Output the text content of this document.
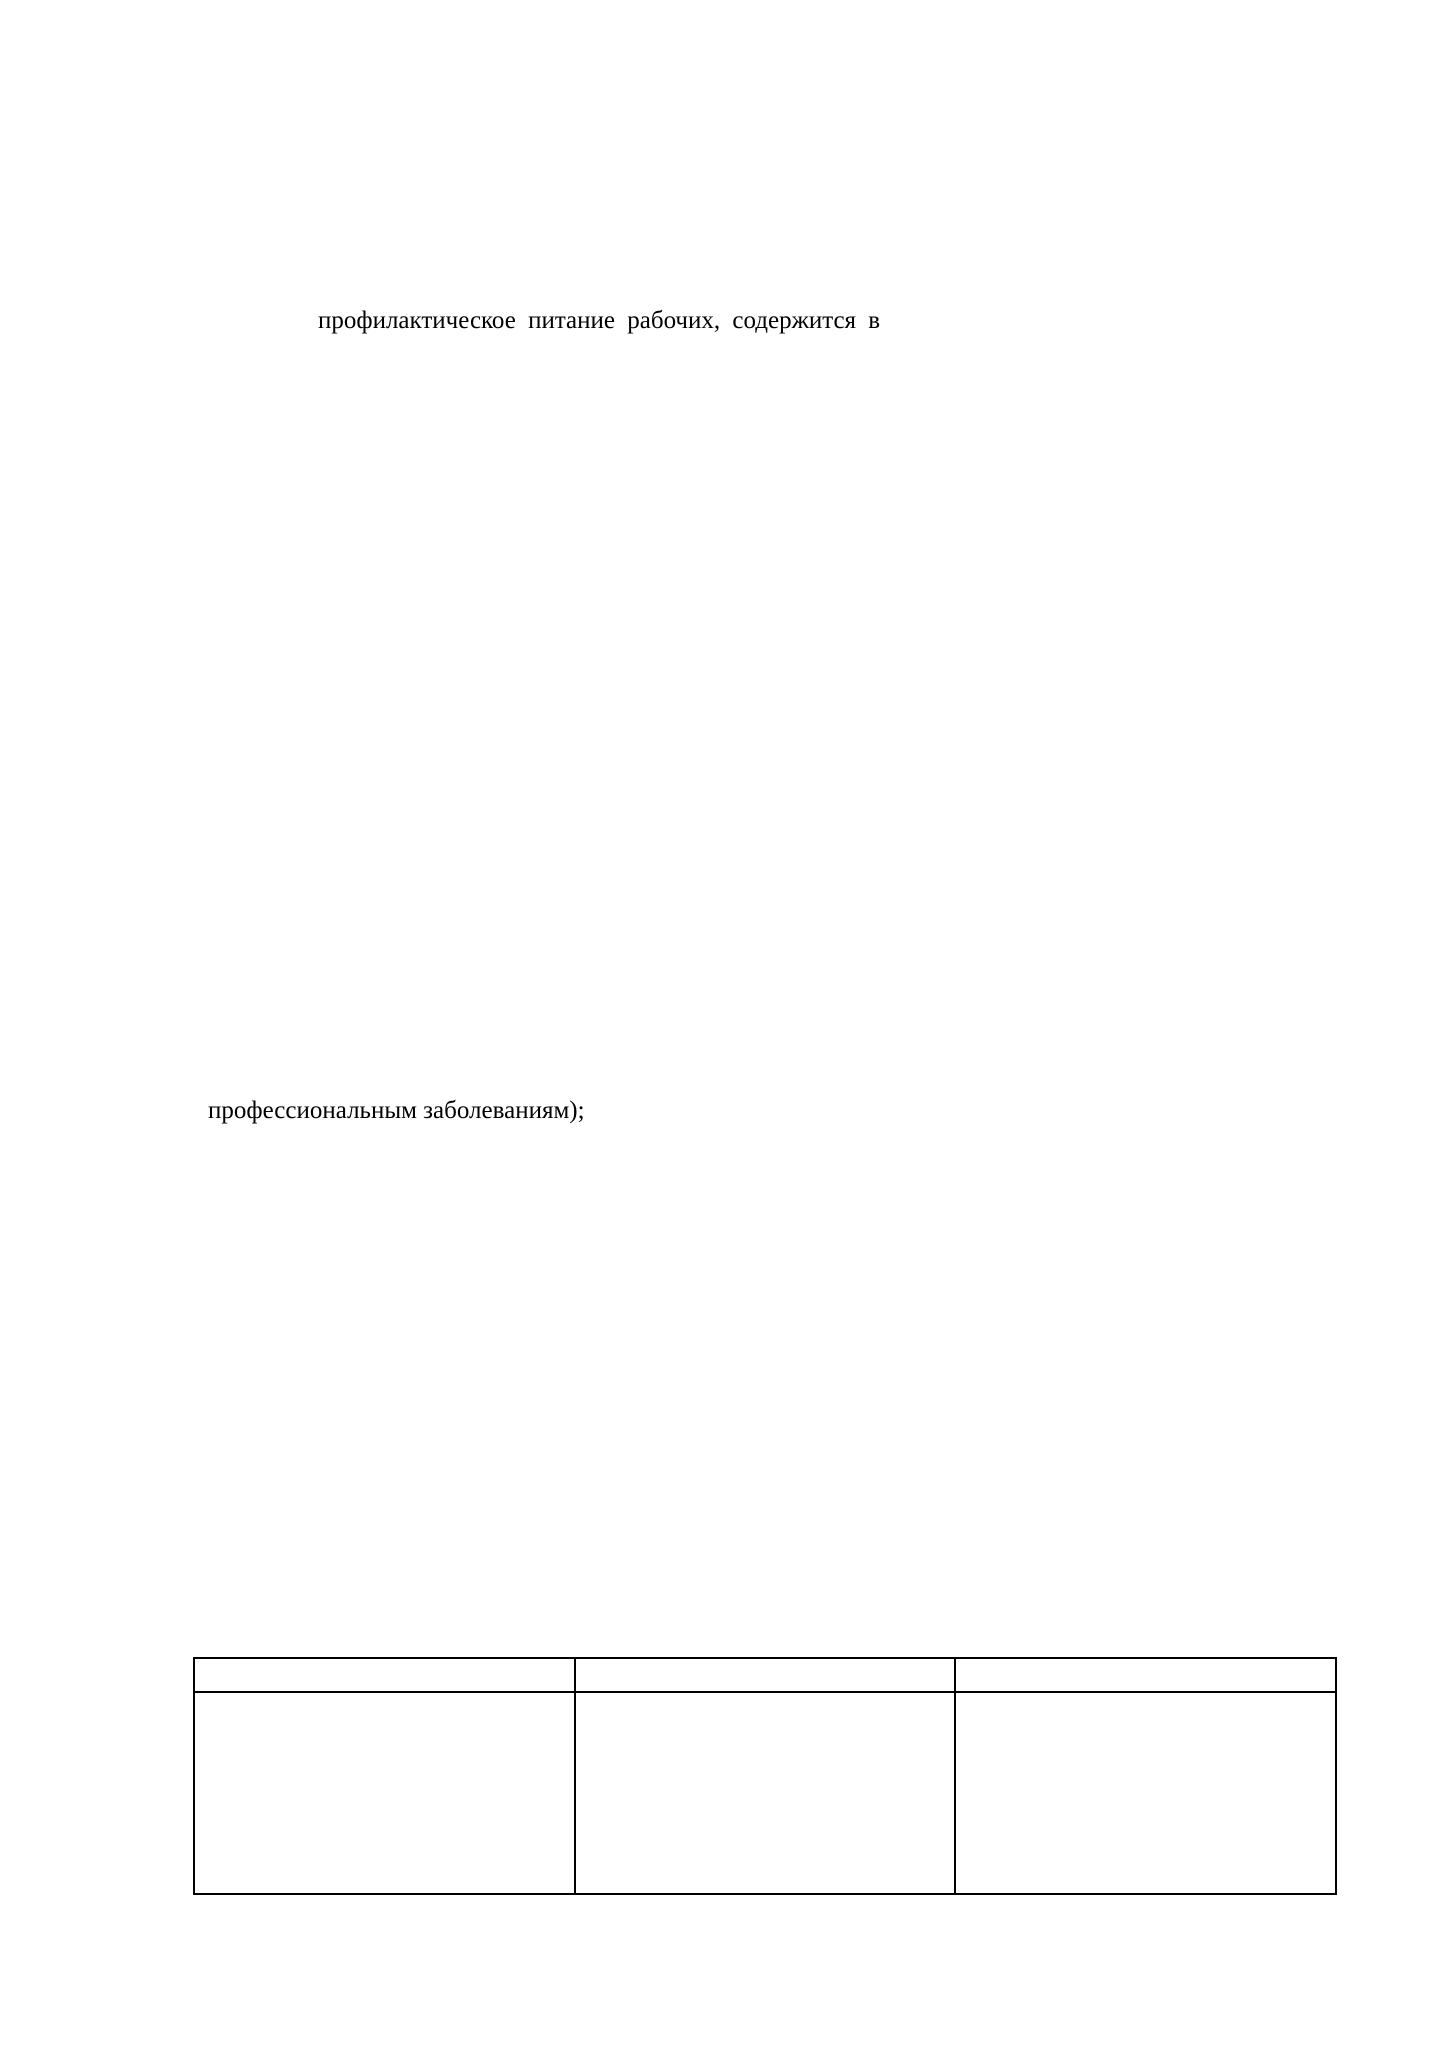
профилактическое питание рабочих, содержится в
профессиональным заболеваниям);
